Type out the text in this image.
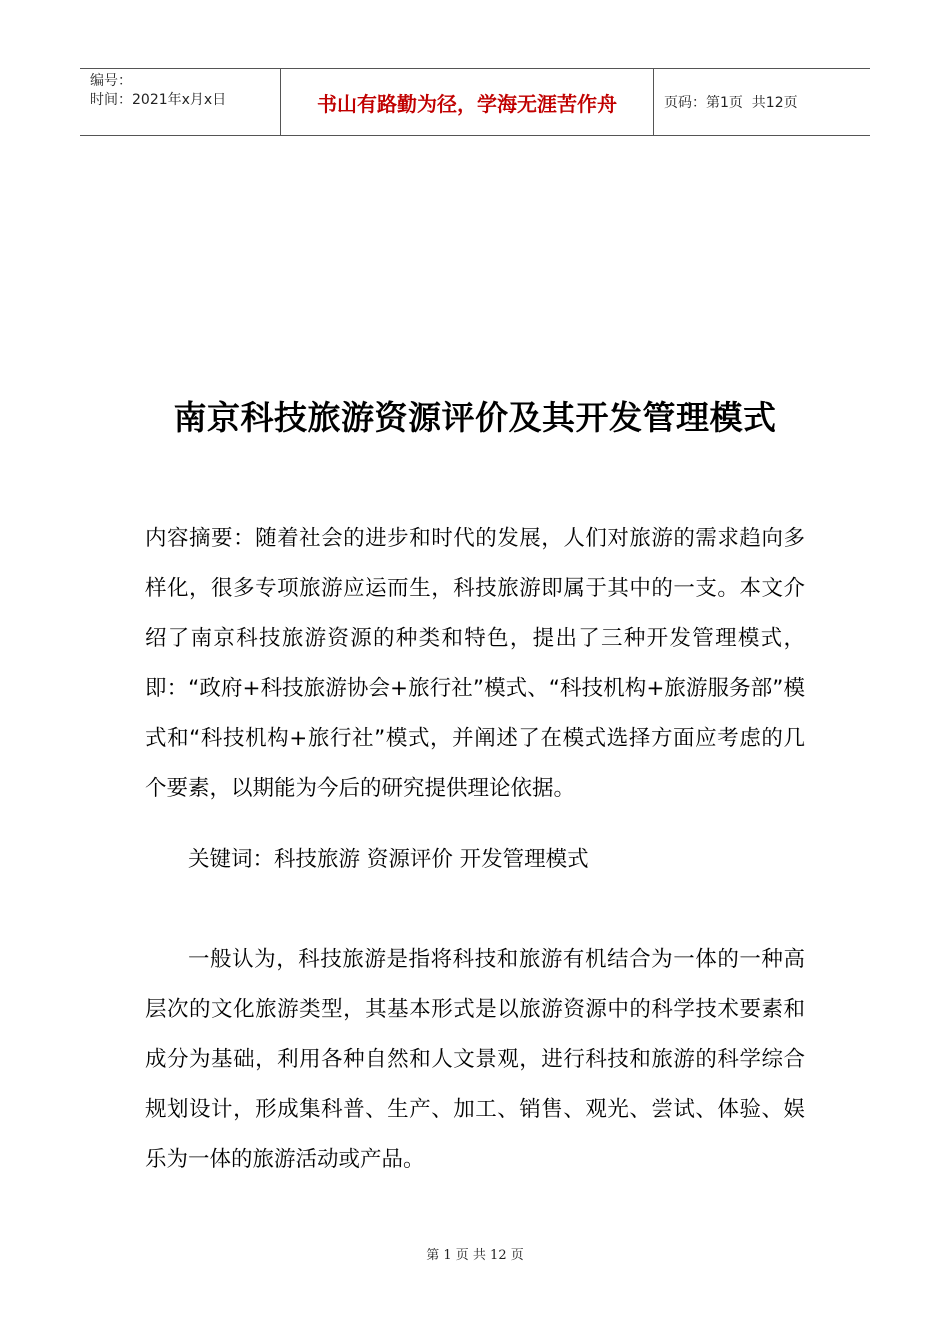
编号：
时间：2021年x月x日	书山有路勤为径，学海无涯苦作舟	页码：第1页  共12页
南京科技旅游资源评价及其开发管理模式

内容摘要：随着社会的进步和时代的发展，人们对旅游的需求趋向多样化，很多专项旅游应运而生，科技旅游即属于其中的一支。本文介绍了南京科技旅游资源的种类和特色，提出了三种开发管理模式，即：“政府+科技旅游协会+旅行社”模式、“科技机构+旅游服务部”模式和“科技机构+旅行社”模式，并阐述了在模式选择方面应考虑的几个要素，以期能为今后的研究提供理论依据。

关键词：科技旅游 资源评价 开发管理模式

一般认为，科技旅游是指将科技和旅游有机结合为一体的一种高层次的文化旅游类型，其基本形式是以旅游资源中的科学技术要素和成分为基础，利用各种自然和人文景观，进行科技和旅游的科学综合规划设计，形成集科普、生产、加工、销售、观光、尝试、体验、娱乐为一体的旅游活动或产品。

第 1 页 共 12 页
